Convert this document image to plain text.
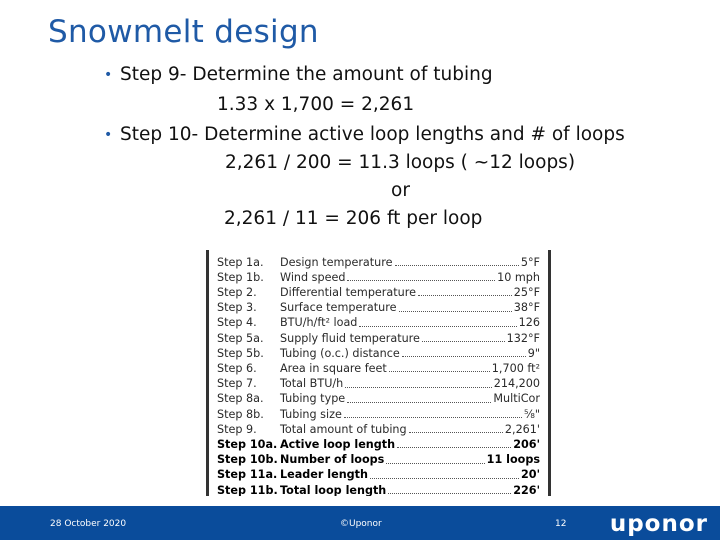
Snowmelt design
• Step 9- Determine the amount of tubing
1.33 x 1,700 = 2,261
• Step 10- Determine active loop lengths and # of loops
2,261 / 200 = 11.3 loops ( ~12 loops)
or
2,261 / 11 = 206 ft per loop
Step 1a.	Design temperature	5°F
Step 1b.	Wind speed	10 mph
Step 2.	Differential temperature	25°F
Step 3.	Surface temperature	38°F
Step 4.	BTU/h/ft² load	126
Step 5a.	Supply fluid temperature	132°F
Step 5b.	Tubing (o.c.) distance	9"
Step 6.	Area in square feet	1,700 ft²
Step 7.	Total BTU/h	214,200
Step 8a.	Tubing type	MultiCor
Step 8b.	Tubing size	⅝"
Step 9.	Total amount of tubing	2,261'
Step 10a. Active loop length	206'
Step 10b. Number of loops	11 loops
Step 11a. Leader length	20'
Step 11b. Total loop length	226'
28 October 2020	©Uponor	12 uponor
